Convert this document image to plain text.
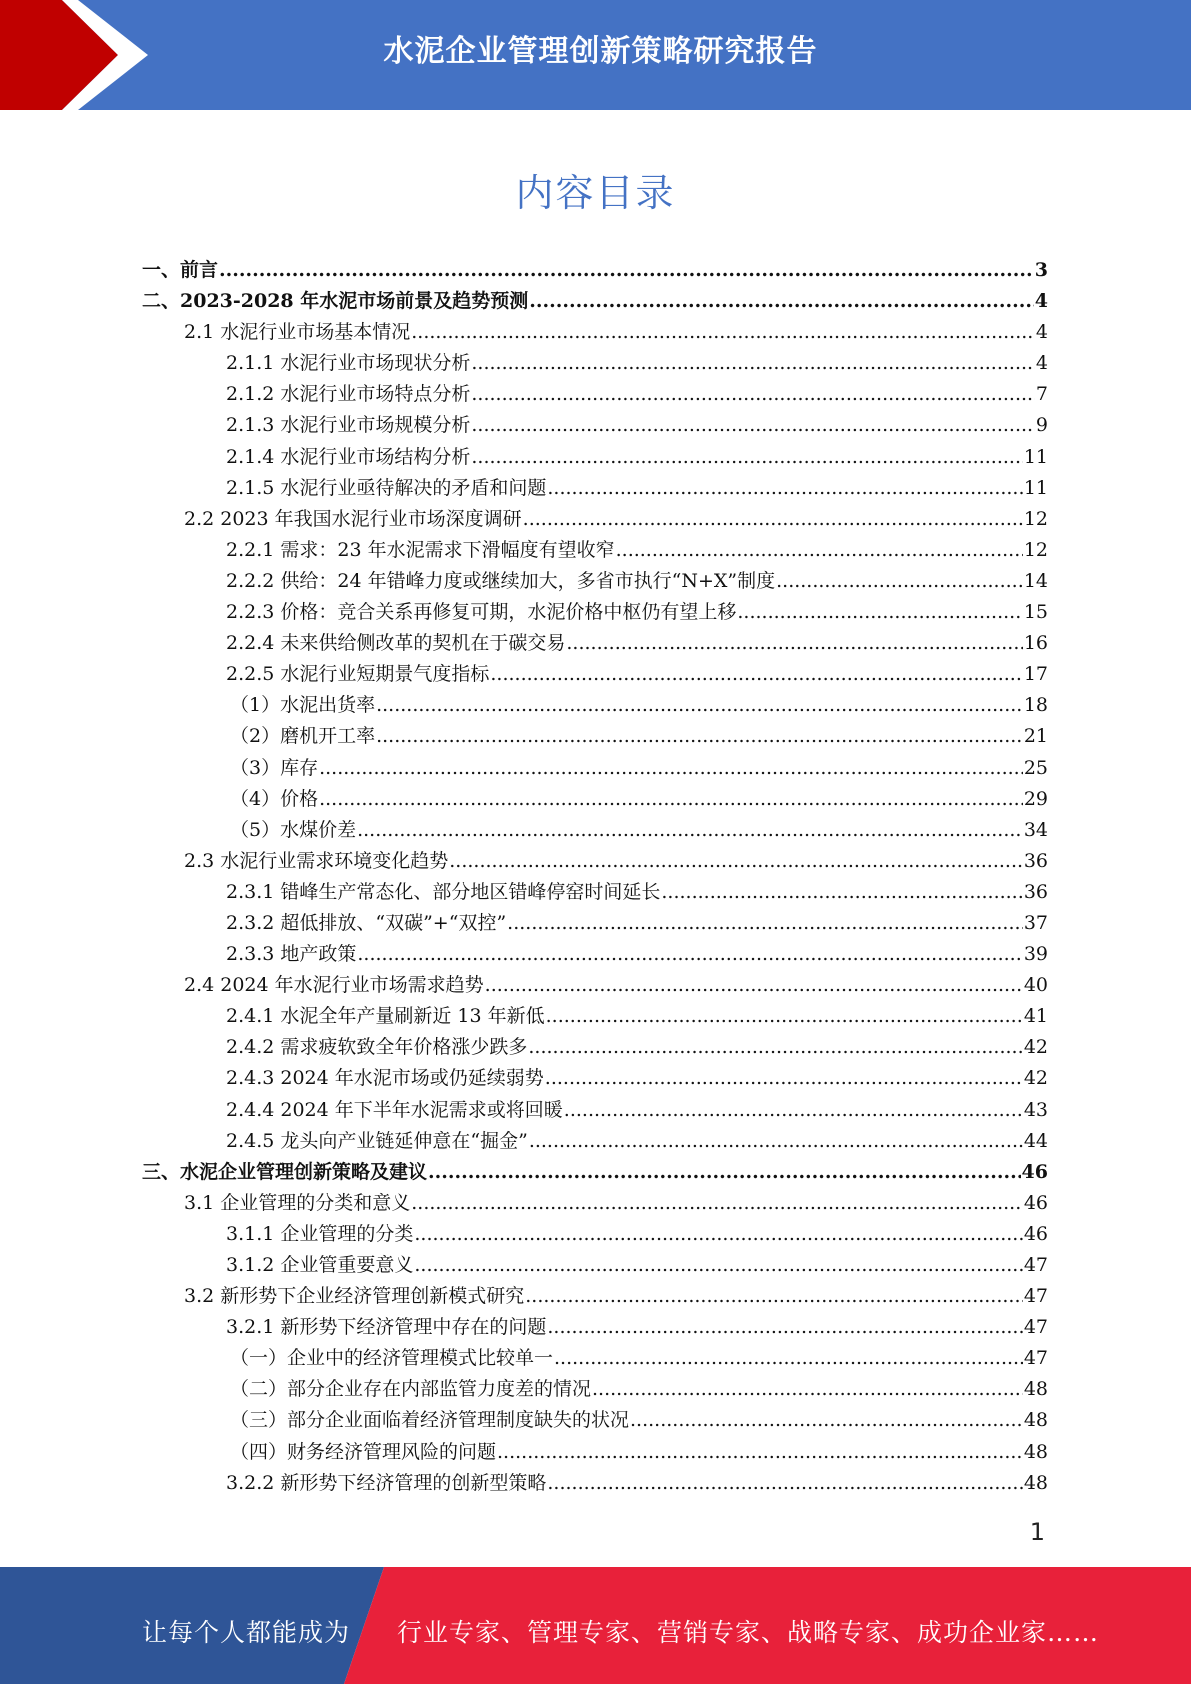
水泥企业管理创新策略研究报告
内容目录
一、前言 .....	3
二、2023-2028 年水泥市场前景及趋势预测 .....	4
2.1 水泥行业市场基本情况 .....	4
2.1.1 水泥行业市场现状分析 .....	4
2.1.2 水泥行业市场特点分析 .....	7
2.1.3 水泥行业市场规模分析 .....	9
2.1.4 水泥行业市场结构分析 .....	11
2.1.5 水泥行业亟待解决的矛盾和问题 .....	11
2.2 2023 年我国水泥行业市场深度调研 .....	12
2.2.1 需求：23 年水泥需求下滑幅度有望收窄 .....	12
2.2.2 供给：24 年错峰力度或继续加大，多省市执行“N+X”制度 .....	14
2.2.3 价格：竞合关系再修复可期，水泥价格中枢仍有望上移 .....	15
2.2.4 未来供给侧改革的契机在于碳交易 .....	16
2.2.5 水泥行业短期景气度指标 .....	17
（1）水泥出货率 .....	18
（2）磨机开工率 .....	21
（3）库存 .....	25
（4）价格 .....	29
（5）水煤价差 .....	34
2.3 水泥行业需求环境变化趋势 .....	36
2.3.1 错峰生产常态化、部分地区错峰停窑时间延长 .....	36
2.3.2 超低排放、“双碳”+“双控” .....	37
2.3.3 地产政策 .....	39
2.4 2024 年水泥行业市场需求趋势 .....	40
2.4.1 水泥全年产量刷新近 13 年新低 .....	41
2.4.2 需求疲软致全年价格涨少跌多 .....	42
2.4.3 2024 年水泥市场或仍延续弱势 .....	42
2.4.4 2024 年下半年水泥需求或将回暖 .....	43
2.4.5 龙头向产业链延伸意在“掘金” .....	44
三、水泥企业管理创新策略及建议 .....	46
3.1 企业管理的分类和意义 .....	46
3.1.1 企业管理的分类 .....	46
3.1.2 企业管重要意义 .....	47
3.2 新形势下企业经济管理创新模式研究 .....	47
3.2.1 新形势下经济管理中存在的问题 .....	47
（一）企业中的经济管理模式比较单一 .....	47
（二）部分企业存在内部监管力度差的情况 .....	48
（三）部分企业面临着经济管理制度缺失的状况 .....	48
（四）财务经济管理风险的问题 .....	48
3.2.2 新形势下经济管理的创新型策略 .....	48
1
让每个人都能成为 行业专家、管理专家、营销专家、战略专家、成功企业家……
